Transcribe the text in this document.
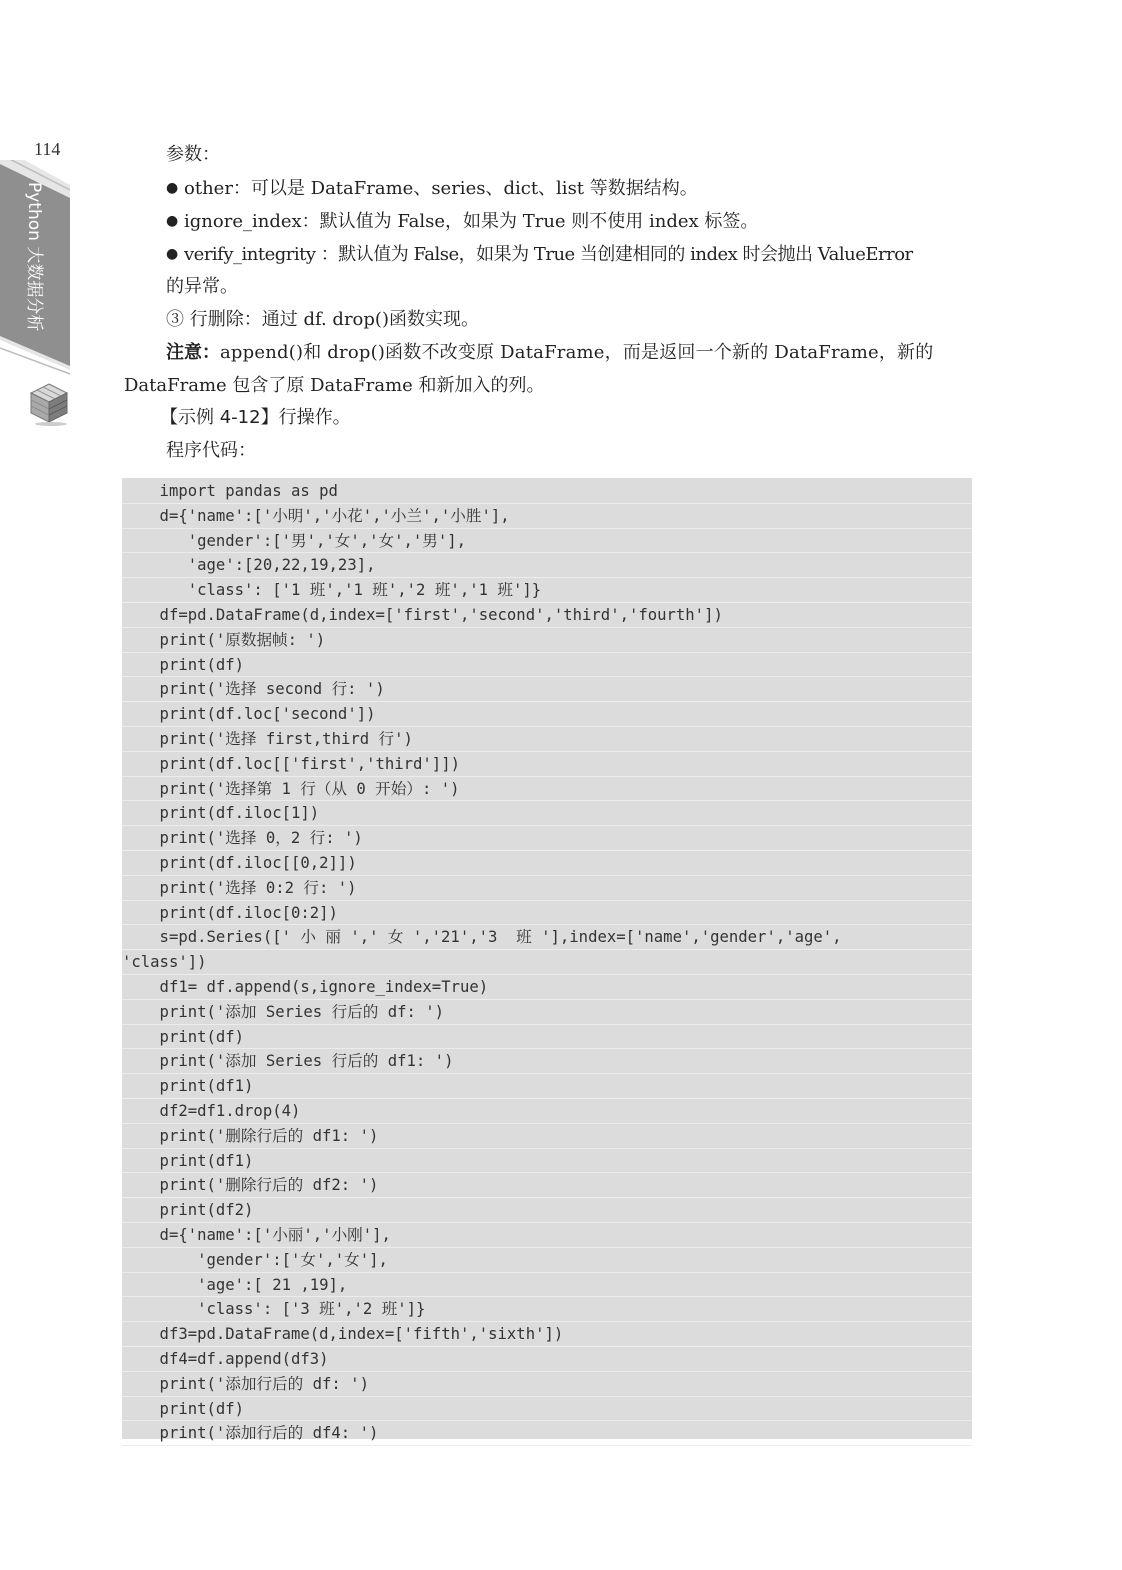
114
Python 大数据分析
参数：
● other：可以是 DataFrame、series、dict、list 等数据结构。
● ignore_index：默认值为 False，如果为 True 则不使用 index 标签。
● verify_integrity ：默认值为 False，如果为 True 当创建相同的 index 时会抛出 ValueError
的异常。
③ 行删除：通过 df. drop()函数实现。
注意：append()和 drop()函数不改变原 DataFrame，而是返回一个新的 DataFrame，新的
DataFrame 包含了原 DataFrame 和新加入的列。
【示例 4-12】行操作。
程序代码：
import pandas as pd
d={'name':['小明','小花','小兰','小胜'],
'gender':['男','女','女','男'],
'age':[20,22,19,23],
'class': ['1 班','1 班','2 班','1 班']}
df=pd.DataFrame(d,index=['first','second','third','fourth'])
print('原数据帧: ')
print(df)
print('选择 second 行: ')
print(df.loc['second'])
print('选择 first,third 行')
print(df.loc[['first','third']])
print('选择第 1 行（从 0 开始）: ')
print(df.iloc[1])
print('选择 0，2 行: ')
print(df.iloc[[0,2]])
print('选择 0:2 行: ')
print(df.iloc[0:2])
s=pd.Series([' 小 丽 ',' 女 ','21','3  班 '],index=['name','gender','age',
'class'])
df1= df.append(s,ignore_index=True)
print('添加 Series 行后的 df: ')
print(df)
print('添加 Series 行后的 df1: ')
print(df1)
df2=df1.drop(4)
print('删除行后的 df1: ')
print(df1)
print('删除行后的 df2: ')
print(df2)
d={'name':['小丽','小刚'],
'gender':['女','女'],
'age':[ 21 ,19],
'class': ['3 班','2 班']}
df3=pd.DataFrame(d,index=['fifth','sixth'])
df4=df.append(df3)
print('添加行后的 df: ')
print(df)
print('添加行后的 df4: ')
